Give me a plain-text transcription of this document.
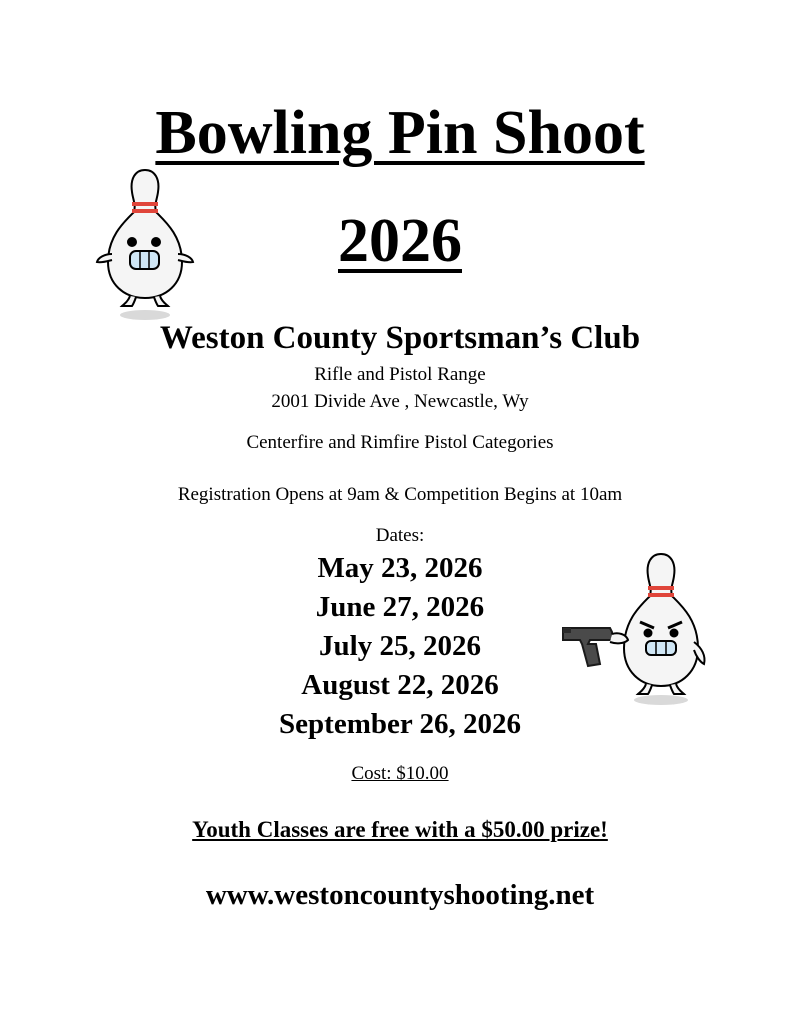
Bowling Pin Shoot
2026
Weston County Sportsman’s Club
Rifle and Pistol Range
2001 Divide Ave , Newcastle, Wy
Centerfire and Rimfire Pistol Categories
Registration Opens at 9am & Competition Begins at 10am
Dates:
May 23, 2026
June 27, 2026
July 25, 2026
August 22, 2026
September 26, 2026
Cost: $10.00
Youth Classes are free with a $50.00 prize!
www.westoncountyshooting.net
